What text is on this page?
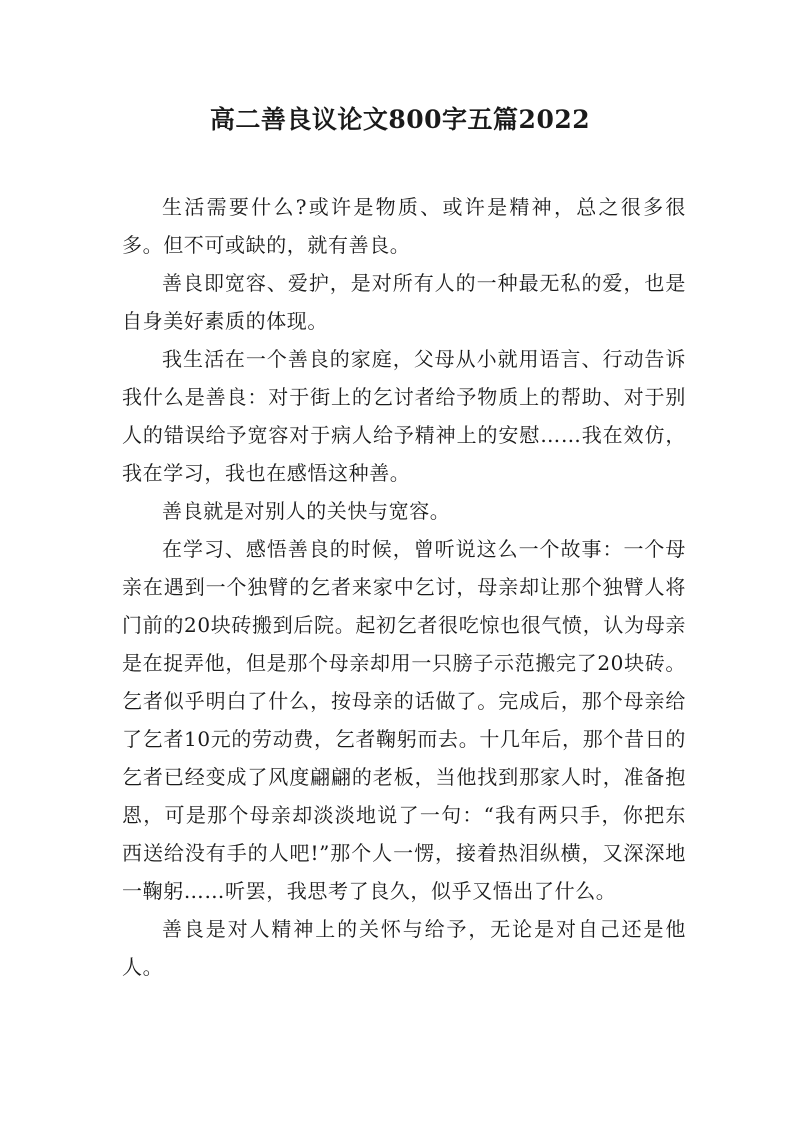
高二善良议论文800字五篇2022

生活需要什么?或许是物质、或许是精神，总之很多很多。但不可或缺的，就有善良。

善良即宽容、爱护，是对所有人的一种最无私的爱，也是自身美好素质的体现。

我生活在一个善良的家庭，父母从小就用语言、行动告诉我什么是善良：对于街上的乞讨者给予物质上的帮助、对于别人的错误给予宽容对于病人给予精神上的安慰……我在效仿，我在学习，我也在感悟这种善。

善良就是对别人的关快与宽容。

在学习、感悟善良的时候，曾听说这么一个故事：一个母亲在遇到一个独臂的乞者来家中乞讨，母亲却让那个独臂人将门前的20块砖搬到后院。起初乞者很吃惊也很气愤，认为母亲是在捉弄他，但是那个母亲却用一只膀子示范搬完了20块砖。乞者似乎明白了什么，按母亲的话做了。完成后，那个母亲给了乞者10元的劳动费，乞者鞠躬而去。十几年后，那个昔日的乞者已经变成了风度翩翩的老板，当他找到那家人时，准备抱恩，可是那个母亲却淡淡地说了一句：“我有两只手，你把东西送给没有手的人吧!”那个人一愣，接着热泪纵横，又深深地一鞠躬……听罢，我思考了良久，似乎又悟出了什么。

善良是对人精神上的关怀与给予，无论是对自己还是他人。
